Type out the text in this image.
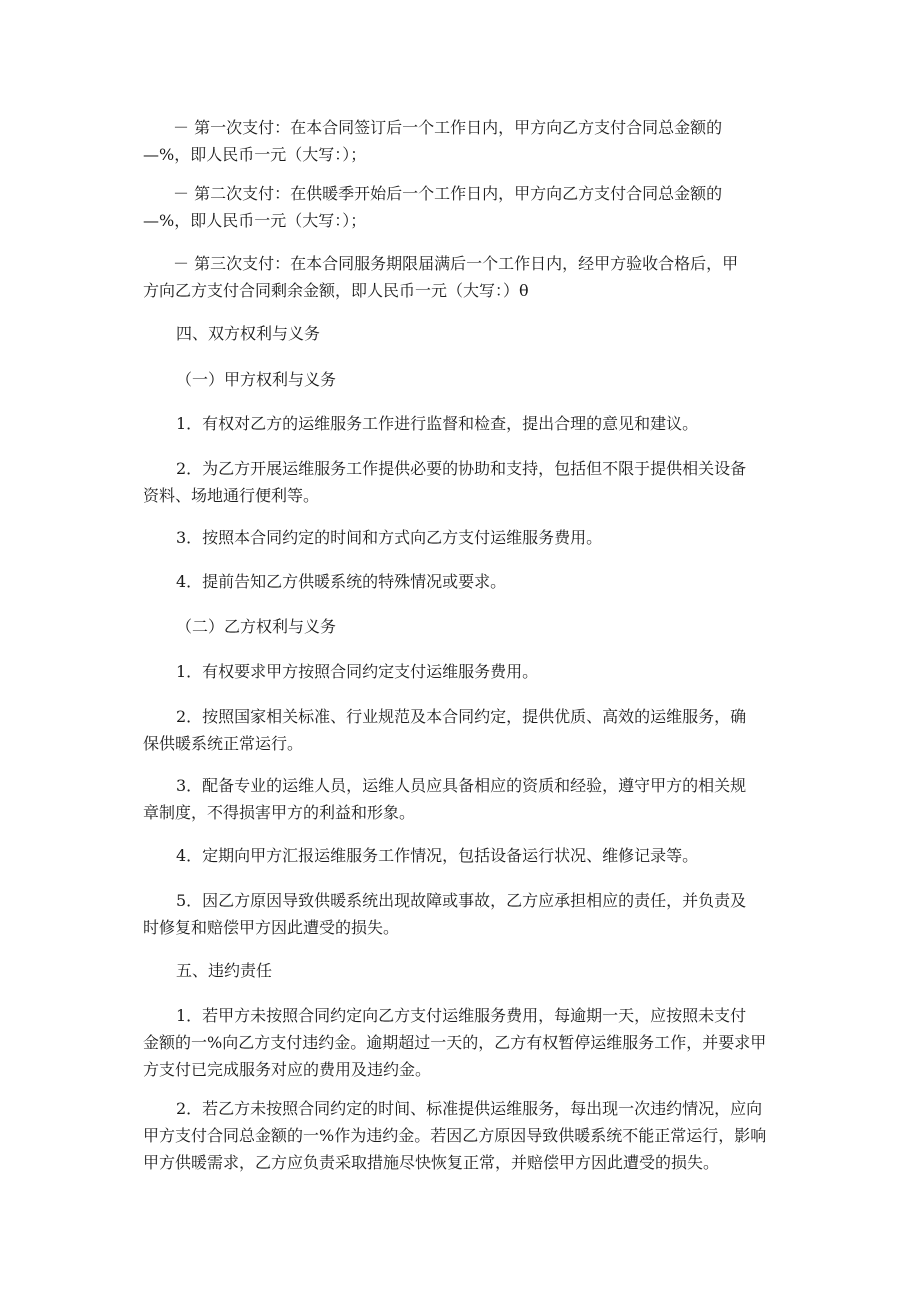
－ 第一次支付：在本合同签订后一个工作日内，甲方向乙方支付合同总金额的
—%，即人民币一元（大写：）；

－ 第二次支付：在供暖季开始后一个工作日内，甲方向乙方支付合同总金额的
—%，即人民币一元（大写：）；

－ 第三次支付：在本合同服务期限届满后一个工作日内，经甲方验收合格后，甲
方向乙方支付合同剩余金额，即人民币一元（大写：）θ

四、双方权利与义务

（一）甲方权利与义务

1．有权对乙方的运维服务工作进行监督和检查，提出合理的意见和建议。

2．为乙方开展运维服务工作提供必要的协助和支持，包括但不限于提供相关设备
资料、场地通行便利等。

3．按照本合同约定的时间和方式向乙方支付运维服务费用。

4．提前告知乙方供暖系统的特殊情况或要求。

（二）乙方权利与义务

1．有权要求甲方按照合同约定支付运维服务费用。

2．按照国家相关标准、行业规范及本合同约定，提供优质、高效的运维服务，确
保供暖系统正常运行。

3．配备专业的运维人员，运维人员应具备相应的资质和经验，遵守甲方的相关规
章制度，不得损害甲方的利益和形象。

4．定期向甲方汇报运维服务工作情况，包括设备运行状况、维修记录等。

5．因乙方原因导致供暖系统出现故障或事故，乙方应承担相应的责任，并负责及
时修复和赔偿甲方因此遭受的损失。

五、违约责任

1．若甲方未按照合同约定向乙方支付运维服务费用，每逾期一天，应按照未支付
金额的一%向乙方支付违约金。逾期超过一天的，乙方有权暂停运维服务工作，并要求甲
方支付已完成服务对应的费用及违约金。

2．若乙方未按照合同约定的时间、标准提供运维服务，每出现一次违约情况，应向
甲方支付合同总金额的一%作为违约金。若因乙方原因导致供暖系统不能正常运行，影响
甲方供暖需求，乙方应负责采取措施尽快恢复正常，并赔偿甲方因此遭受的损失。
